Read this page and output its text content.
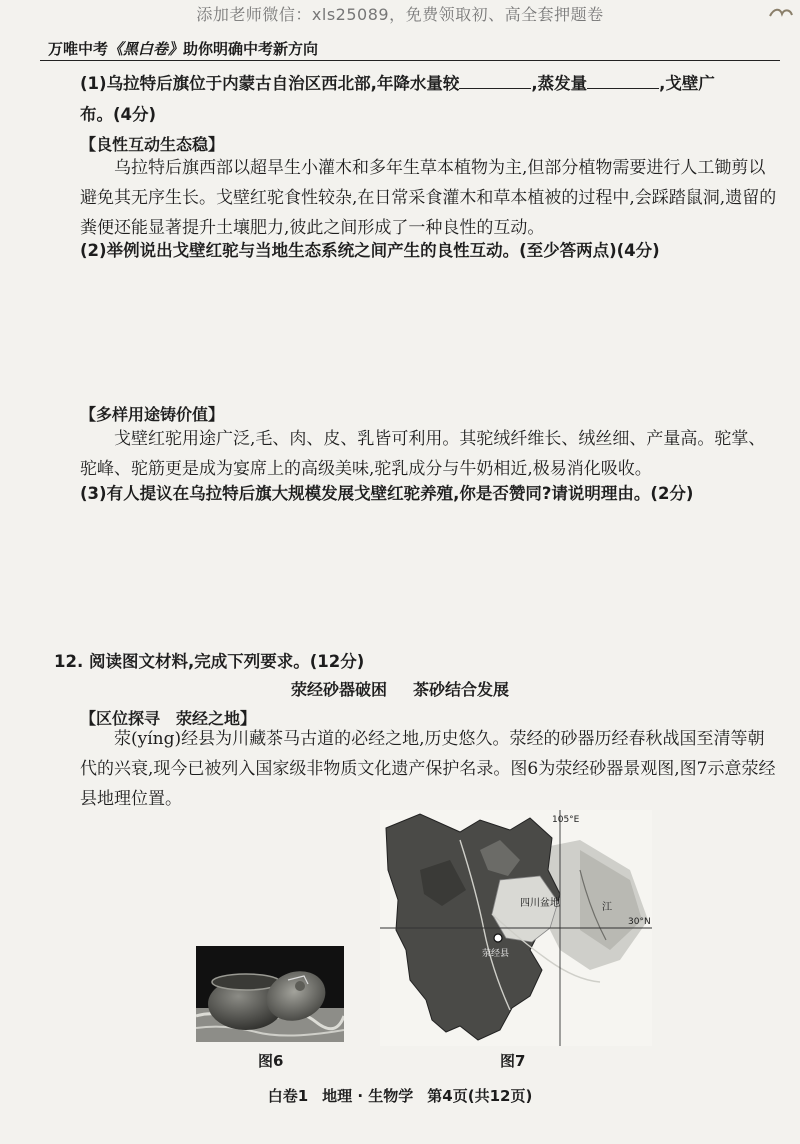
添加老师微信：xls25089，免费领取初、高全套押题卷
万唯中考《黑白卷》助你明确中考新方向
(1)乌拉特后旗位于内蒙古自治区西北部,年降水量较	,蒸发量	,戈壁广
布。(4分)
【良性互动生态稳】

乌拉特后旗西部以超旱生小灌木和多年生草本植物为主,但部分植物需要进行人工锄剪以避免其无序生长。戈壁红驼食性较杂,在日常采食灌木和草本植被的过程中,会踩踏鼠洞,遗留的粪便还能显著提升土壤肥力,彼此之间形成了一种良性的互动。

(2)举例说出戈壁红驼与当地生态系统之间产生的良性互动。(至少答两点)(4分)
【多样用途铸价值】

戈壁红驼用途广泛,毛、肉、皮、乳皆可利用。其驼绒纤维长、绒丝细、产量高。驼掌、驼峰、驼筋更是成为宴席上的高级美味,驼乳成分与牛奶相近,极易消化吸收。

(3)有人提议在乌拉特后旗大规模发展戈壁红驼养殖,你是否赞同?请说明理由。(2分)
12. 阅读图文材料,完成下列要求。(12分)
荥经砂器破困 茶砂结合发展
【区位探寻　荥经之地】

荥(yíng)经县为川藏茶马古道的必经之地,历史悠久。荥经的砂器历经春秋战国至清等朝代的兴衰,现今已被列入国家级非物质文化遗产保护名录。图6为荥经砂器景观图,图7示意荥经县地理位置。

图6
105°E
30°N
四川盆地
荥经县
江
图7
白卷1 地理 · 生物学 第4页(共12页)
